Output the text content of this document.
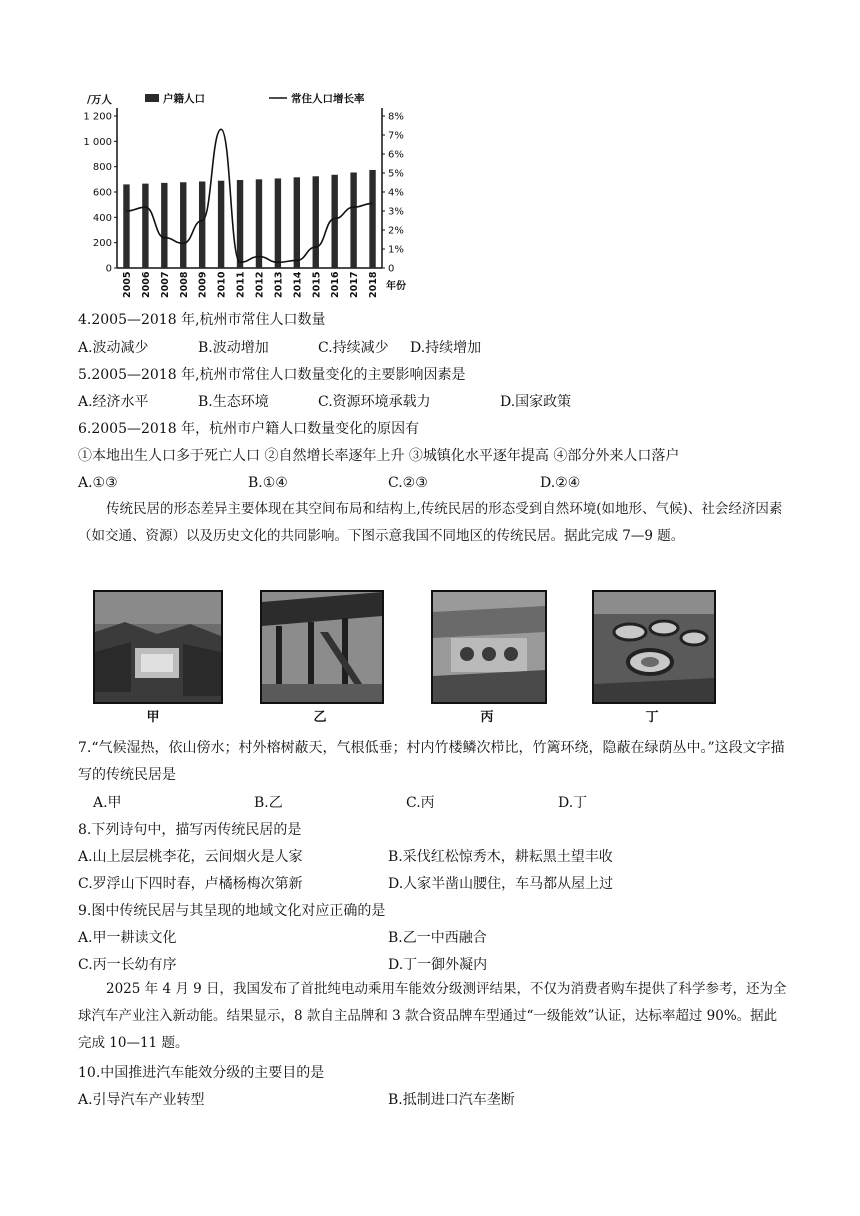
0
200
400
600
800
1 000
1 200
0
1%
2%
3%
4%
5%
6%
7%
8%
/万人
年份
2005 2006 2007 2008 2009 2010 2011 2012 2013 2014 2015 2016 2017 2018
户籍人口	常住人口增长率
4.2005—2018 年,杭州市常住人口数量
A.波动减少	B.波动增加	C.持续减少 D.持续增加
5.2005—2018 年,杭州市常住人口数量变化的主要影响因素是
A.经济水平	B.生态环境	C.资源环境承载力	D.国家政策
6.2005—2018 年，杭州市户籍人口数量变化的原因有
①本地出生人口多于死亡人口 ②自然增长率逐年上升 ③城镇化水平逐年提高 ④部分外来人口落户
A.①③	B.①④	C.②③	D.②④
传统民居的形态差异主要体现在其空间布局和结构上,传统民居的形态受到自然环境(如地形、气候)、社会经济因素（如交通、资源）以及历史文化的共同影响。下图示意我国不同地区的传统民居。据此完成 7—9 题。
甲	乙	丙	丁
7.“气候湿热，依山傍水；村外榕树蔽天，气根低垂；村内竹楼鳞次栉比，竹篱环绕，隐蔽在绿荫丛中。”这段文字描写的传统民居是
A.甲	B.乙	C.丙	D.丁
8.下列诗句中，描写丙传统民居的是
A.山上层层桃李花，云间烟火是人家	B.采伐红松惊秀木，耕耘黑土望丰收
C.罗浮山下四时春，卢橘杨梅次第新	D.人家半凿山腰住，车马都从屋上过
9.图中传统民居与其呈现的地域文化对应正确的是
A.甲一耕读文化	B.乙一中西融合
C.丙一长幼有序	D.丁一御外凝内
2025 年 4 月 9 日，我国发布了首批纯电动乘用车能效分级测评结果，不仅为消费者购车提供了科学参考，还为全球汽车产业注入新动能。结果显示，8 款自主品牌和 3 款合资品牌车型通过“一级能效”认证，达标率超过 90%。据此完成 10—11 题。
10.中国推进汽车能效分级的主要目的是
A.引导汽车产业转型	B.抵制进口汽车垄断
